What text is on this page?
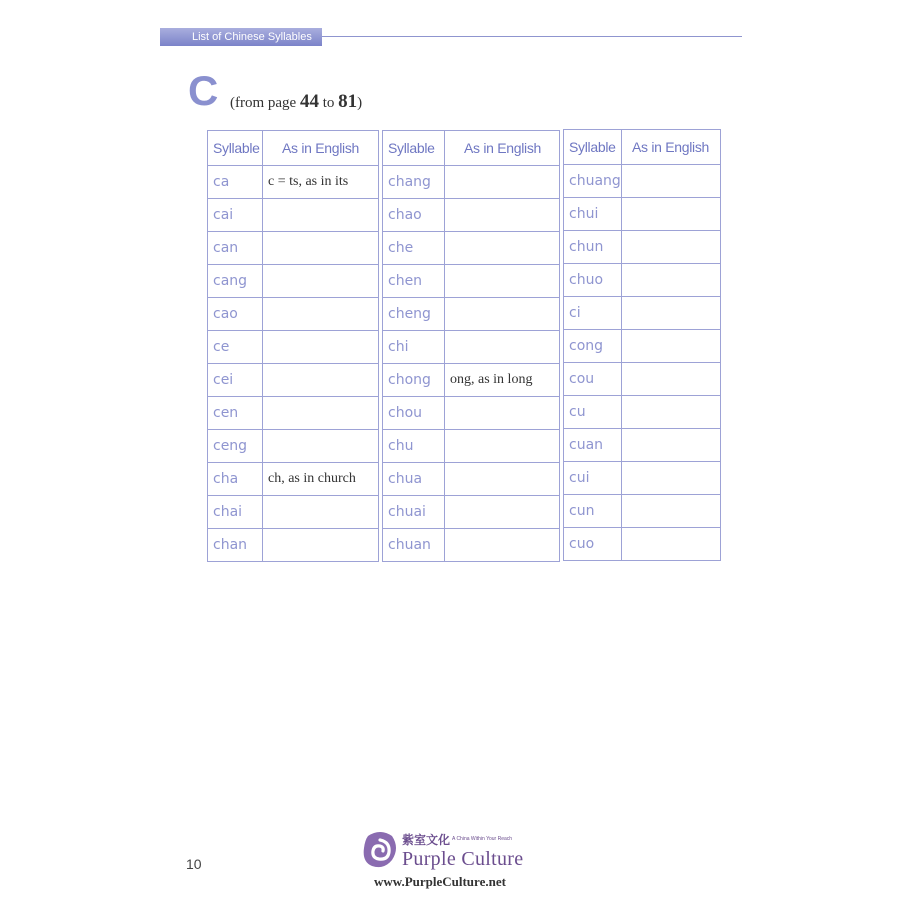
List of Chinese Syllables
C (from page 44 to 81)
Syllable	As in English
ca	c = ts, as in its
cai	
can	
cang	
cao	
ce	
cei	
cen	
ceng	
cha	ch, as in church
chai	
chan	
Syllable	As in English
chang	
chao	
che	
chen	
cheng	
chi	
chong	ong, as in long
chou	
chu	
chua	
chuai	
chuan	
Syllable	As in English
chuang	
chui	
chun	
chuo	
ci	
cong	
cou	
cu	
cuan	
cui	
cun	
cuo	
10
紫室文化 A China Within Your Reach
Purple Culture
www.PurpleCulture.net
